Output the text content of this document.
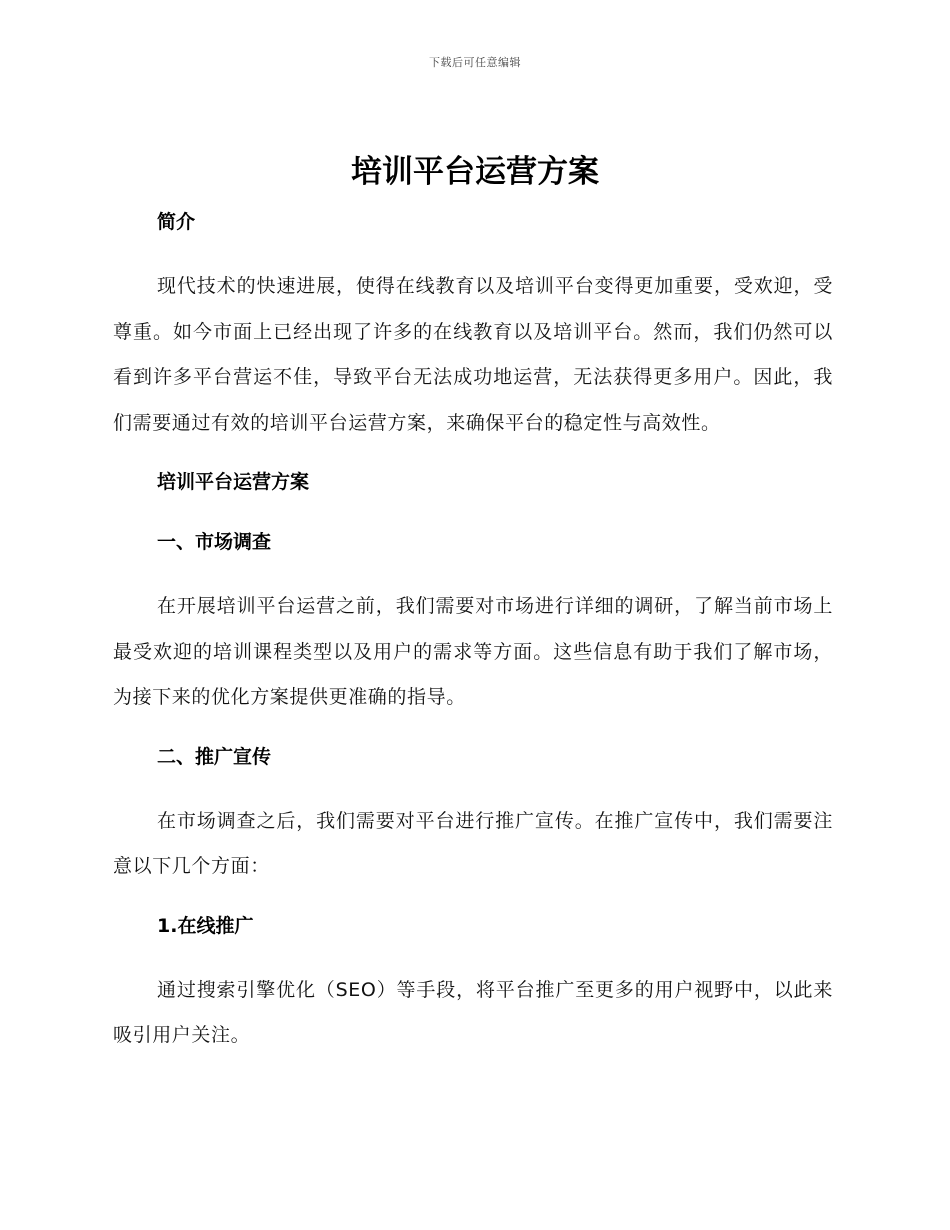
下载后可任意编辑
培训平台运营方案
简介

现代技术的快速进展，使得在线教育以及培训平台变得更加重要，受欢迎，受尊重。如今市面上已经出现了许多的在线教育以及培训平台。然而，我们仍然可以看到许多平台营运不佳，导致平台无法成功地运营，无法获得更多用户。因此，我们需要通过有效的培训平台运营方案，来确保平台的稳定性与高效性。

培训平台运营方案
一、市场调查

在开展培训平台运营之前，我们需要对市场进行详细的调研，了解当前市场上最受欢迎的培训课程类型以及用户的需求等方面。这些信息有助于我们了解市场，为接下来的优化方案提供更准确的指导。

二、推广宣传

在市场调查之后，我们需要对平台进行推广宣传。在推广宣传中，我们需要注意以下几个方面：

1.在线推广

通过搜索引擎优化（SEO）等手段，将平台推广至更多的用户视野中，以此来吸引用户关注。
